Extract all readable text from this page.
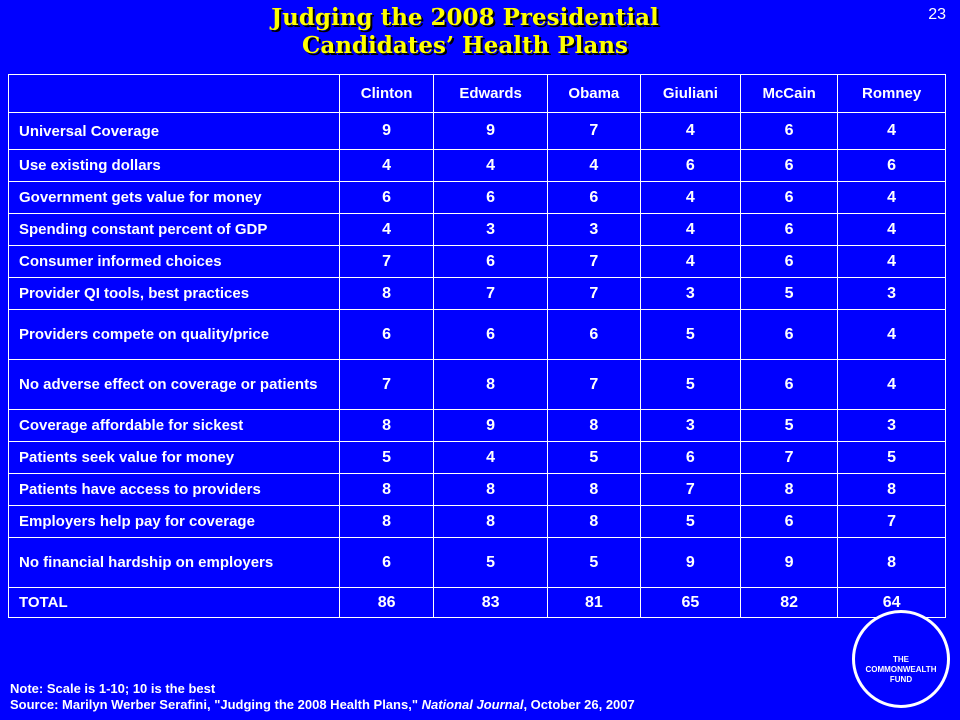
23
Judging the 2008 Presidential
Candidates’ Health Plans
	Clinton	Edwards	Obama	Giuliani	McCain	Romney
Universal Coverage	9	9	7	4	6	4
Use existing dollars	4	4	4	6	6	6
Government gets value for money	6	6	6	4	6	4
Spending constant percent of GDP	4	3	3	4	6	4
Consumer informed choices	7	6	7	4	6	4
Provider QI tools, best practices	8	7	7	3	5	3
Providers compete on quality/price	6	6	6	5	6	4
No adverse effect on coverage or patients	7	8	7	5	6	4
Coverage affordable for sickest	8	9	8	3	5	3
Patients seek value for money	5	4	5	6	7	5
Patients have access to providers	8	8	8	7	8	8
Employers help pay for coverage	8	8	8	5	6	7
No financial hardship on employers	6	5	5	9	9	8
TOTAL	86	83	81	65	82	64
Note: Scale is 1-10; 10 is the best
Source: Marilyn Werber Serafini, "Judging the 2008 Health Plans," National Journal, October 26, 2007
THE
COMMONWEALTH
FUND
